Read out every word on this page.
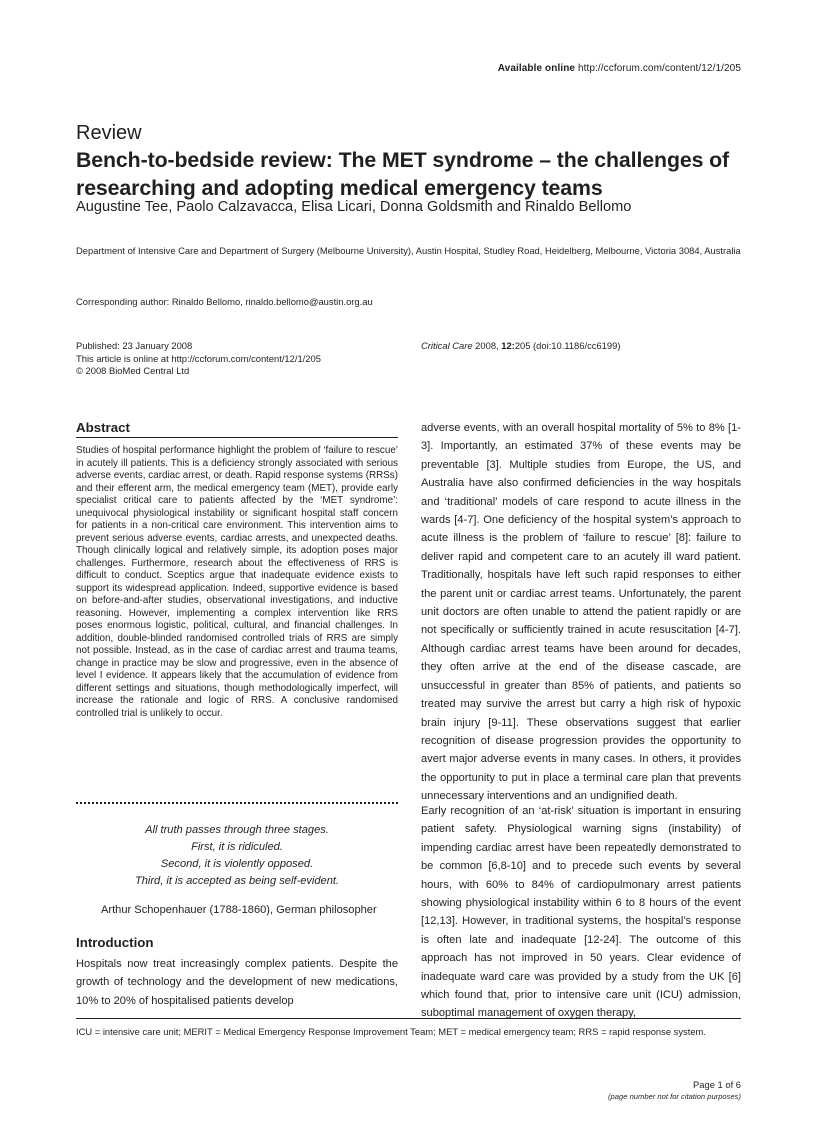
Available online http://ccforum.com/content/12/1/205
Review
Bench-to-bedside review: The MET syndrome – the challenges of researching and adopting medical emergency teams
Augustine Tee, Paolo Calzavacca, Elisa Licari, Donna Goldsmith and Rinaldo Bellomo
Department of Intensive Care and Department of Surgery (Melbourne University), Austin Hospital, Studley Road, Heidelberg, Melbourne, Victoria 3084, Australia
Corresponding author: Rinaldo Bellomo, rinaldo.bellomo@austin.org.au
Published: 23 January 2008
This article is online at http://ccforum.com/content/12/1/205
© 2008 BioMed Central Ltd
Critical Care 2008, 12:205 (doi:10.1186/cc6199)
Abstract
Studies of hospital performance highlight the problem of ‘failure to rescue’ in acutely ill patients. This is a deficiency strongly associated with serious adverse events, cardiac arrest, or death. Rapid response systems (RRSs) and their efferent arm, the medical emergency team (MET), provide early specialist critical care to patients affected by the ‘MET syndrome’: unequivocal physiological instability or significant hospital staff concern for patients in a non-critical care environment. This intervention aims to prevent serious adverse events, cardiac arrests, and unexpected deaths. Though clinically logical and relatively simple, its adoption poses major challenges. Furthermore, research about the effectiveness of RRS is difficult to conduct. Sceptics argue that inadequate evidence exists to support its widespread application. Indeed, supportive evidence is based on before-and-after studies, observational investigations, and inductive reasoning. However, implementing a complex intervention like RRS poses enormous logistic, political, cultural, and financial challenges. In addition, double-blinded randomised controlled trials of RRS are simply not possible. Instead, as in the case of cardiac arrest and trauma teams, change in practice may be slow and progressive, even in the absence of level I evidence. It appears likely that the accumulation of evidence from different settings and situations, though methodologically imperfect, will increase the rationale and logic of RRS. A conclusive randomised controlled trial is unlikely to occur.
All truth passes through three stages.
First, it is ridiculed.
Second, it is violently opposed.
Third, it is accepted as being self-evident.
Arthur Schopenhauer (1788-1860), German philosopher
Introduction

Hospitals now treat increasingly complex patients. Despite the growth of technology and the development of new medications, 10% to 20% of hospitalised patients develop

adverse events, with an overall hospital mortality of 5% to 8% [1-3]. Importantly, an estimated 37% of these events may be preventable [3]. Multiple studies from Europe, the US, and Australia have also confirmed deficiencies in the way hospitals and ‘traditional’ models of care respond to acute illness in the wards [4-7]. One deficiency of the hospital system’s approach to acute illness is the problem of ‘failure to rescue’ [8]: failure to deliver rapid and competent care to an acutely ill ward patient. Traditionally, hospitals have left such rapid responses to either the parent unit or cardiac arrest teams. Unfortunately, the parent unit doctors are often unable to attend the patient rapidly or are not specifically or sufficiently trained in acute resuscitation [4-7]. Although cardiac arrest teams have been around for decades, they often arrive at the end of the disease cascade, are unsuccessful in greater than 85% of patients, and patients so treated may survive the arrest but carry a high risk of hypoxic brain injury [9-11]. These observations suggest that earlier recognition of disease progression provides the opportunity to avert major adverse events in many cases. In others, it provides the opportunity to put in place a terminal care plan that prevents unnecessary interventions and an undignified death.

Early recognition of an ‘at-risk’ situation is important in ensuring patient safety. Physiological warning signs (instability) of impending cardiac arrest have been repeatedly demonstrated to be common [6,8-10] and to precede such events by several hours, with 60% to 84% of cardiopulmonary arrest patients showing physiological instability within 6 to 8 hours of the event [12,13]. However, in traditional systems, the hospital’s response is often late and inadequate [12-24]. The outcome of this approach has not improved in 50 years. Clear evidence of inadequate ward care was provided by a study from the UK [6] which found that, prior to intensive care unit (ICU) admission, suboptimal management of oxygen therapy,

ICU = intensive care unit; MERIT = Medical Emergency Response Improvement Team; MET = medical emergency team; RRS = rapid response system.
Page 1 of 6
(page number not for citation purposes)
